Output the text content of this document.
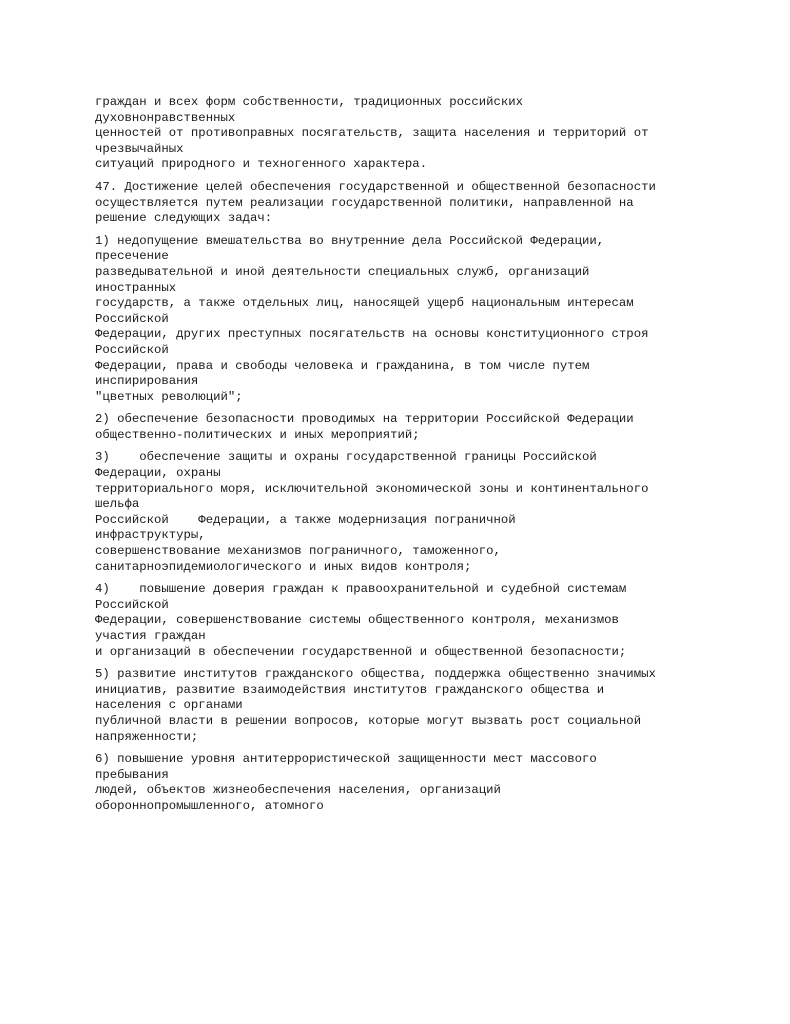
граждан и всех форм собственности, традиционных российских
духовнонравственных
ценностей от противоправных посягательств, защита населения и территорий от
чрезвычайных
ситуаций природного и техногенного характера.
47. Достижение целей обеспечения государственной и общественной безопасности
осуществляется путем реализации государственной политики, направленной на
решение следующих задач:
1) недопущение вмешательства во внутренние дела Российской Федерации,
пресечение
разведывательной и иной деятельности специальных служб, организаций
иностранных
государств, а также отдельных лиц, наносящей ущерб национальным интересам
Российской
Федерации, других преступных посягательств на основы конституционного строя
Российской
Федерации, права и свободы человека и гражданина, в том числе путем
инспирирования
"цветных революций";
2) обеспечение безопасности проводимых на территории Российской Федерации
общественно-политических и иных мероприятий;
3)    обеспечение защиты и охраны государственной границы Российской
Федерации, охраны
территориального моря, исключительной экономической зоны и континентального
шельфа
Российской    Федерации, а также модернизация пограничной
инфраструктуры,
совершенствование механизмов пограничного, таможенного,
санитарноэпидемиологического и иных видов контроля;
4)    повышение доверия граждан к правоохранительной и судебной системам
Российской
Федерации, совершенствование системы общественного контроля, механизмов
участия граждан
и организаций в обеспечении государственной и общественной безопасности;
5) развитие институтов гражданского общества, поддержка общественно значимых
инициатив, развитие взаимодействия институтов гражданского общества и
населения с органами
публичной власти в решении вопросов, которые могут вызвать рост социальной
напряженности;
6) повышение уровня антитеррористической защищенности мест массового
пребывания
людей, объектов жизнеобеспечения населения, организаций
обороннопромышленного, атомного
